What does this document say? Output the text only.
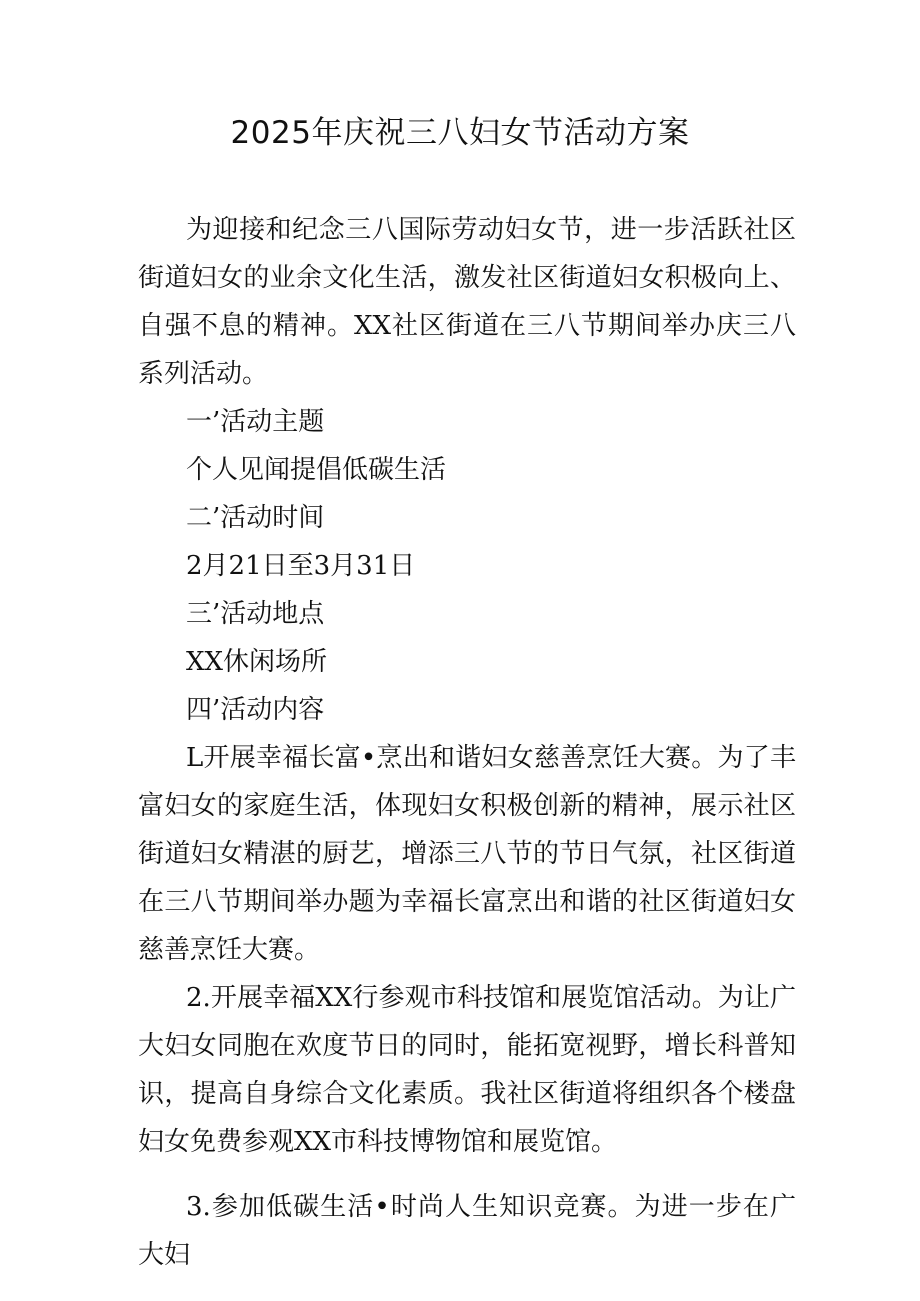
2025年庆祝三八妇女节活动方案

为迎接和纪念三八国际劳动妇女节，进一步活跃社区街道妇女的业余文化生活，激发社区街道妇女积极向上、自强不息的精神。XX社区街道在三八节期间举办庆三八系列活动。

一’活动主题

个人见闻提倡低碳生活

二’活动时间

2月21日至3月31日

三’活动地点

XX休闲场所

四’活动内容

L开展幸福长富•烹出和谐妇女慈善烹饪大赛。为了丰富妇女的家庭生活，体现妇女积极创新的精神，展示社区街道妇女精湛的厨艺，增添三八节的节日气氛，社区街道在三八节期间举办题为幸福长富烹出和谐的社区街道妇女慈善烹饪大赛。

2.开展幸福XX行参观市科技馆和展览馆活动。为让广大妇女同胞在欢度节日的同时，能拓宽视野，增长科普知识，提高自身综合文化素质。我社区街道将组织各个楼盘妇女免费参观XX市科技博物馆和展览馆。

3.参加低碳生活•时尚人生知识竞赛。为进一步在广大妇
